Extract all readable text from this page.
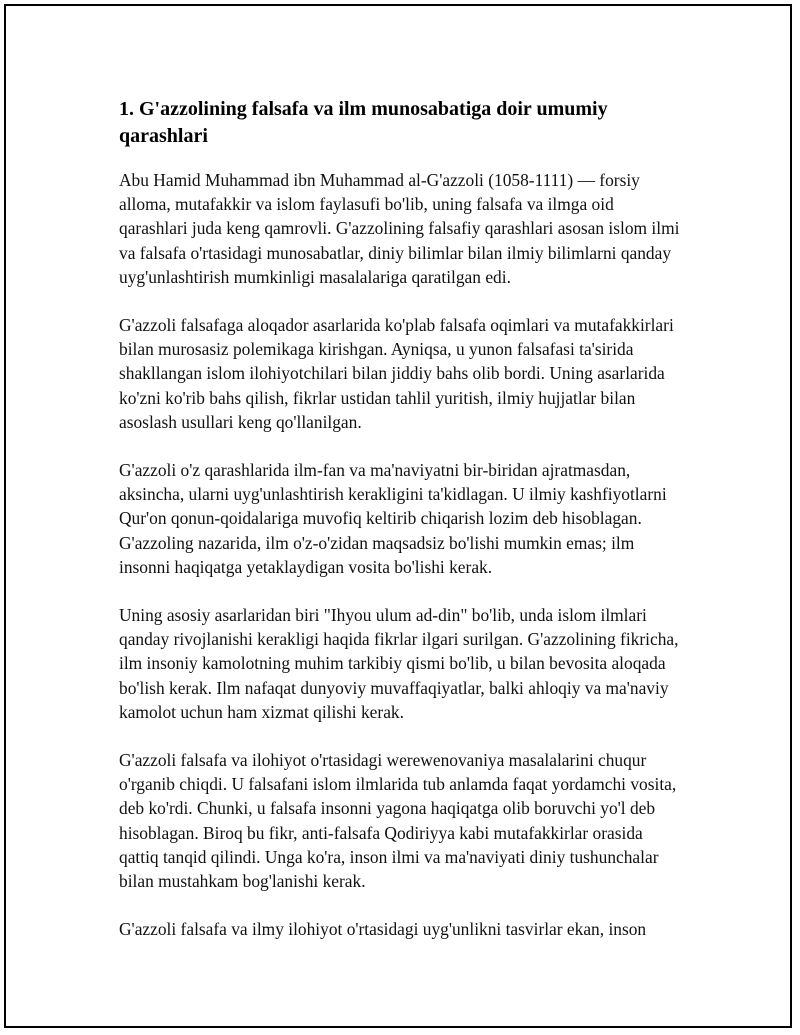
1. G'azzolining falsafa va ilm munosabatiga doir umumiy qarashlari

Abu Hamid Muhammad ibn Muhammad al-G'azzoli (1058-1111) — forsiy alloma, mutafakkir va islom faylasufi bo'lib, uning falsafa va ilmga oid qarashlari juda keng qamrovli. G'azzolining falsafiy qarashlari asosan islom ilmi va falsafa o'rtasidagi munosabatlar, diniy bilimlar bilan ilmiy bilimlarni qanday uyg'unlashtirish mumkinligi masalalariga qaratilgan edi.

G'azzoli falsafaga aloqador asarlarida ko'plab falsafa oqimlari va mutafakkirlari bilan murosasiz polemikaga kirishgan. Ayniqsa, u yunon falsafasi ta'sirida shakllangan islom ilohiyotchilari bilan jiddiy bahs olib bordi. Uning asarlarida ko'zni ko'rib bahs qilish, fikrlar ustidan tahlil yuritish, ilmiy hujjatlar bilan asoslash usullari keng qo'llanilgan.

G'azzoli o'z qarashlarida ilm-fan va ma'naviyatni bir-biridan ajratmasdan, aksincha, ularni uyg'unlashtirish kerakligini ta'kidlagan. U ilmiy kashfiyotlarni Qur'on qonun-qoidalariga muvofiq keltirib chiqarish lozim deb hisoblagan. G'azzoling nazarida, ilm o'z-o'zidan maqsadsiz bo'lishi mumkin emas; ilm insonni haqiqatga yetaklaydigan vosita bo'lishi kerak.

Uning asosiy asarlaridan biri "Ihyou ulum ad-din" bo'lib, unda islom ilmlari qanday rivojlanishi kerakligi haqida fikrlar ilgari surilgan. G'azzolining fikricha, ilm insoniy kamolotning muhim tarkibiy qismi bo'lib, u bilan bevosita aloqada bo'lish kerak. Ilm nafaqat dunyoviy muvaffaqiyatlar, balki ahloqiy va ma'naviy kamolot uchun ham xizmat qilishi kerak.

G'azzoli falsafa va ilohiyot o'rtasidagi werewenovaniya masalalarini chuqur o'rganib chiqdi. U falsafani islom ilmlarida tub anlamda faqat yordamchi vosita, deb ko'rdi. Chunki, u falsafa insonni yagona haqiqatga olib boruvchi yo'l deb hisoblagan. Biroq bu fikr, anti-falsafa Qodiriyya kabi mutafakkirlar orasida qattiq tanqid qilindi. Unga ko'ra, inson ilmi va ma'naviyati diniy tushunchalar bilan mustahkam bog'lanishi kerak.

G'azzoli falsafa va ilmy ilohiyot o'rtasidagi uyg'unlikni tasvirlar ekan, inson
